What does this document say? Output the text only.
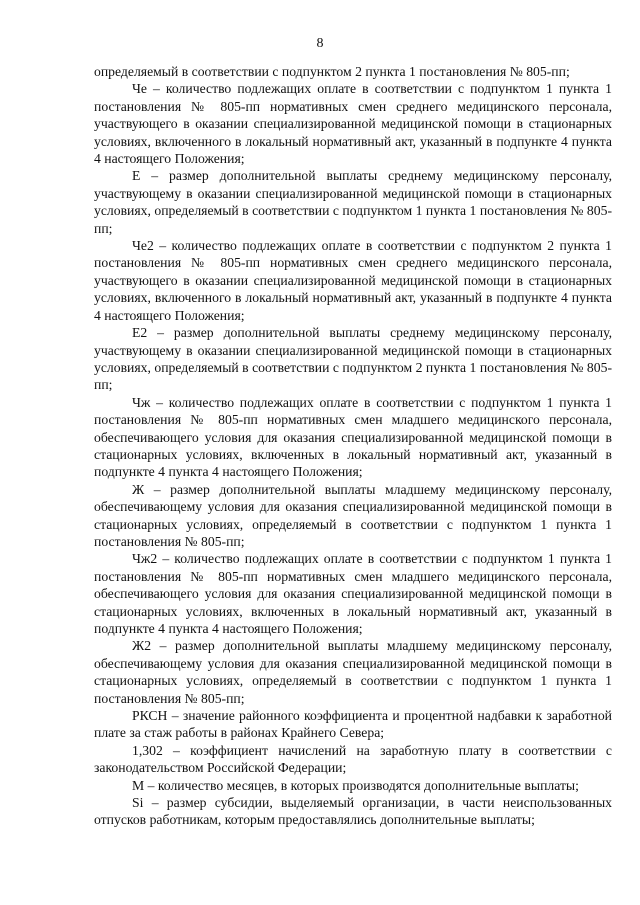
8

определяемый в соответствии с подпунктом 2 пункта 1 постановления № 805-пп;

Че – количество подлежащих оплате в соответствии с подпунктом 1 пункта 1 постановления № 805-пп нормативных смен среднего медицинского персонала, участвующего в оказании специализированной медицинской помощи в стационарных условиях, включенного в локальный нормативный акт, указанный в подпункте 4 пункта 4 настоящего Положения;

Е – размер дополнительной выплаты среднему медицинскому персоналу, участвующему в оказании специализированной медицинской помощи в стационарных условиях, определяемый в соответствии с подпунктом 1 пункта 1 постановления № 805-пп;

Че2 – количество подлежащих оплате в соответствии с подпунктом 2 пункта 1 постановления № 805-пп нормативных смен среднего медицинского персонала, участвующего в оказании специализированной медицинской помощи в стационарных условиях, включенного в локальный нормативный акт, указанный в подпункте 4 пункта 4 настоящего Положения;

Е2 – размер дополнительной выплаты среднему медицинскому персоналу, участвующему в оказании специализированной медицинской помощи в стационарных условиях, определяемый в соответствии с подпунктом 2 пункта 1 постановления № 805-пп;

Чж – количество подлежащих оплате в соответствии с подпунктом 1 пункта 1 постановления № 805-пп нормативных смен младшего медицинского персонала, обеспечивающего условия для оказания специализированной медицинской помощи в стационарных условиях, включенных в локальный нормативный акт, указанный в подпункте 4 пункта 4 настоящего Положения;

Ж – размер дополнительной выплаты младшему медицинскому персоналу, обеспечивающему условия для оказания специализированной медицинской помощи в стационарных условиях, определяемый в соответствии с подпунктом 1 пункта 1 постановления № 805-пп;

Чж2 – количество подлежащих оплате в соответствии с подпунктом 1 пункта 1 постановления № 805-пп нормативных смен младшего медицинского персонала, обеспечивающего условия для оказания специализированной медицинской помощи в стационарных условиях, включенных в локальный нормативный акт, указанный в подпункте 4 пункта 4 настоящего Положения;

Ж2 – размер дополнительной выплаты младшему медицинскому персоналу, обеспечивающему условия для оказания специализированной медицинской помощи в стационарных условиях, определяемый в соответствии с подпунктом 1 пункта 1 постановления № 805-пп;

РКСН – значение районного коэффициента и процентной надбавки к заработной плате за стаж работы в районах Крайнего Севера;

1,302 – коэффициент начислений на заработную плату в соответствии с законодательством Российской Федерации;

М – количество месяцев, в которых производятся дополнительные выплаты;

Si – размер субсидии, выделяемый организации, в части неиспользованных отпусков работникам, которым предоставлялись дополнительные выплаты;
